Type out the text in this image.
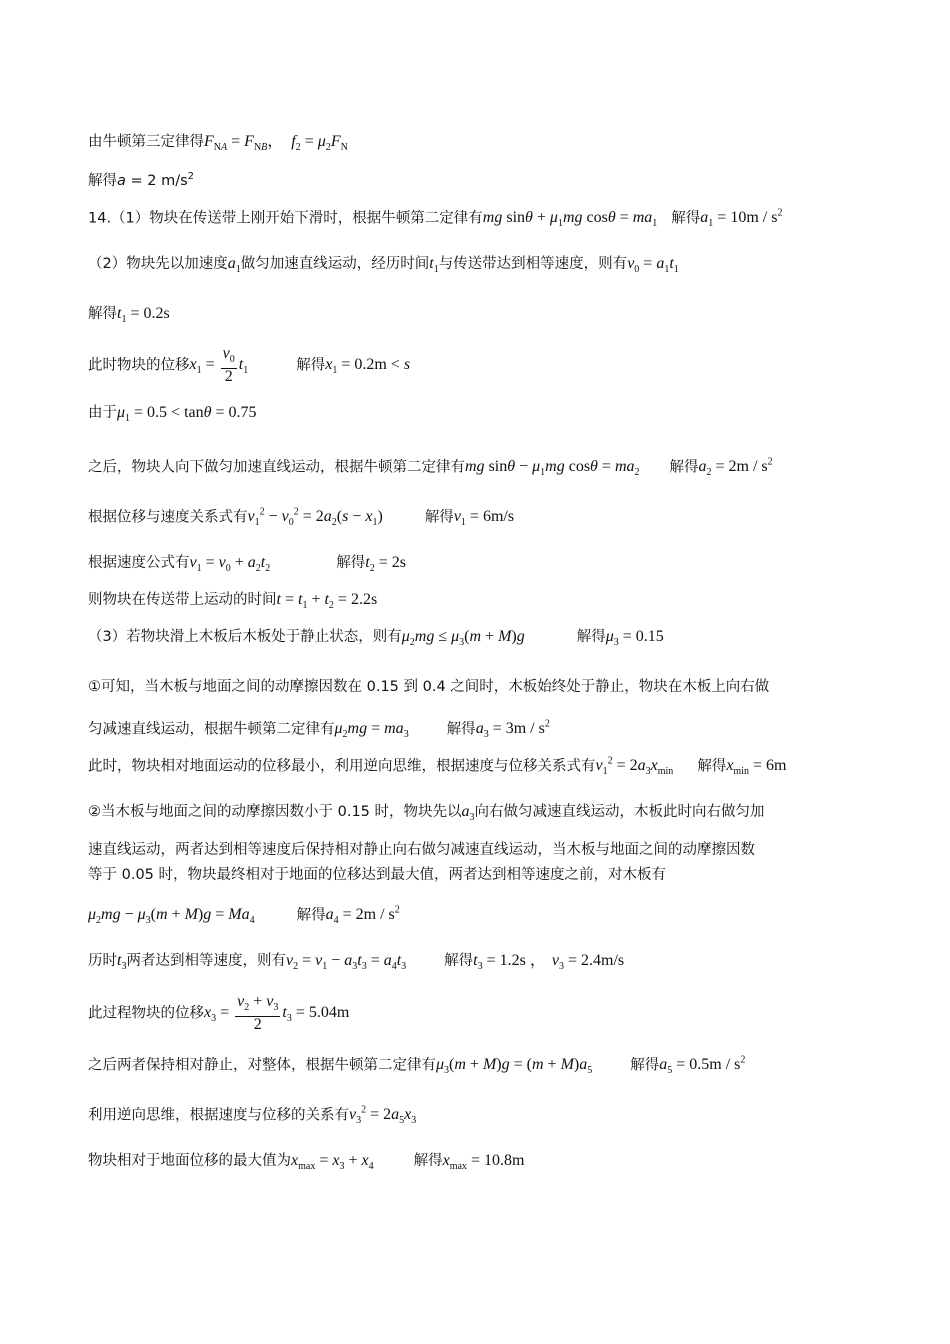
由牛顿第三定律得$F_{NA} = F_{NB}$， $f_2 = \mu_2F_N$
解得a = 2 $m/s^2$
14.（1）物块在传送带上刚开始下滑时，根据牛顿第二定律有mg $\sin\theta + \mu_1mg$ $\cos\theta = ma_1$ 解得$a_1 = 10m / s^2$
（2）物块先以加速度$a_1$做匀加速直线运动，经历时间$t_1$与传送带达到相等速度，则有$v_0 = a_1t_1$
解得$t_1 = 0.2s$
此时物块的位移$x_1 = \frac{v_0}{2} t_1$	解得$x_1 = 0.2m < s$
由于$\mu_1 = 0.5 < \tan\theta = 0.75$
之后，物块人向下做匀加速直线运动，根据牛顿第二定律有mg $\sin\theta - \mu_1mg$ $\cos\theta = ma_2$ 解得$a_2 = 2m / s^2$
根据位移与速度关系式有$v_1^2 - v_0^2 = 2a_2(s - x_1)$	解得$v_1 = 6m/s$
根据速度公式有$v_1 = v_0 + a_2t_2$	解得$t_2 = 2s$
则物块在传送带上运动的时间$t = t_1 + t_2 = 2.2s$
（3）若物块滑上木板后木板处于静止状态，则有$\mu_2mg \le \mu_3(m + M)g$	解得$\mu_3 = 0.15$
①可知，当木板与地面之间的动摩擦因数在 0.15 到 0.4 之间时，木板始终处于静止，物块在木板上向右做
匀减速直线运动，根据牛顿第二定律有$\mu_2mg = ma_3$	解得$a_3 = 3m / s^2$
此时，物块相对地面运动的位移最小，利用逆向思维，根据速度与位移关系式有$v_1^2 = 2a_3x_{min}$ 解得$x_{min} = 6m$
②当木板与地面之间的动摩擦因数小于 0.15 时，物块先以$a_3$向右做匀减速直线运动，木板此时向右做匀加
速直线运动，两者达到相等速度后保持相对静止向右做匀减速直线运动，当木板与地面之间的动摩擦因数
等于 0.05 时，物块最终相对于地面的位移达到最大值，两者达到相等速度之前，对木板有
$\mu_2mg - \mu_3(m + M)g = Ma_4$	解得$a_4 = 2m / s^2$
历时$t_3$两者达到相等速度，则有$v_2 = v_1 - a_3t_3 = a_4t_3$	解得$t_3 = 1.2s$ ， $v_3 = 2.4m/s$
此过程物块的位移$x_3 = \frac{v_2 + v_3}{2} t_3 = 5.04m$
之后两者保持相对静止，对整体，根据牛顿第二定律有$\mu_3(m + M)g = (m + M)a_5$	解得$a_5 = 0.5m / s^2$
利用逆向思维，根据速度与位移的关系有$v_3^2 = 2a_5x_3$
物块相对于地面位移的最大值为$x_{max} = x_3 + x_4$	解得$x_{max} = 10.8m$
